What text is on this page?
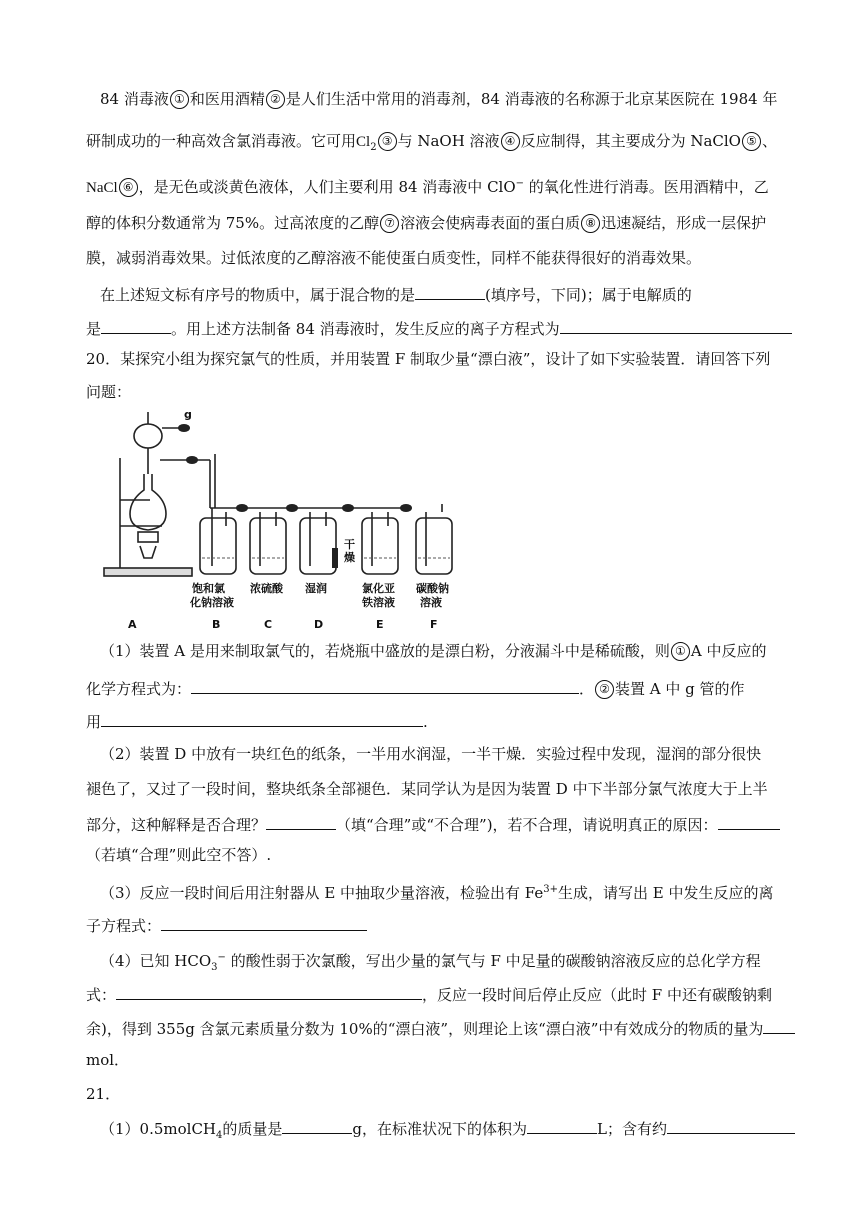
84 消毒液 ① 和医用酒精 ② 是人们生活中常用的消毒剂，84 消毒液的名称源于北京某医院在 1984 年
研制成功的一种高效含氯消毒液。它可用$Cl_2$ ③ 与 NaOH 溶液 ④ 反应制得，其主要成分为 NaClO ⑤ 、
NaCl ⑥ ，是无色或淡黄色液体，人们主要利用 84 消毒液中 ClO− 的氧化性进行消毒。医用酒精中，乙
醇的体积分数通常为 75%。过高浓度的乙醇 ⑦ 溶液会使病毒表面的蛋白质 ⑧ 迅速凝结，形成一层保护
膜，减弱消毒效果。过低浓度的乙醇溶液不能使蛋白质变性，同样不能获得很好的消毒效果。
在上述短文标有序号的物质中，属于混合物的是	(填序号，下同)；属于电解质的
是	。用上述方法制备 84 消毒液时，发生反应的离子方程式为
20．某探究小组为探究氯气的性质，并用装置 F 制取少量“漂白液”，设计了如下实验装置．请回答下列
问题：
g
干
燥
饱和氯
化钠溶液
浓硫酸 湿润	氯化亚
铁溶液
碳酸钠
溶液
A	B	C	D	E	F
（1）装置 A 是用来制取氯气的，若烧瓶中盛放的是漂白粉，分液漏斗中是稀硫酸，则 ① A 中反应的
化学方程式为：	． ② 装置 A 中 g 管的作
用	.
（2）装置 D 中放有一块红色的纸条，一半用水润湿，一半干燥．实验过程中发现，湿润的部分很快
褪色了，又过了一段时间，整块纸条全部褪色．某同学认为是因为装置 D 中下半部分氯气浓度大于上半
部分，这种解释是否合理？	（填“合理”或“不合理”)，若不合理，请说明真正的原因：
（若填“合理”则此空不答）.
（3）反应一段时间后用注射器从 E 中抽取少量溶液，检验出有 $Fe^{3+}$生成，请写出 E 中发生反应的离
子方程式：
（4）已知 $HCO_3^-$ 的酸性弱于次氯酸，写出少量的氯气与 F 中足量的碳酸钠溶液反应的总化学方程
式：	，反应一段时间后停止反应（此时 F 中还有碳酸钠剩
余)，得到 355g 含氯元素质量分数为 10%的“漂白液”，则理论上该“漂白液”中有效成分的物质的量为
mol．
21．
（1）0.5molCH$_4$的质量是	g，在标准状况下的体积为	L；含有约
